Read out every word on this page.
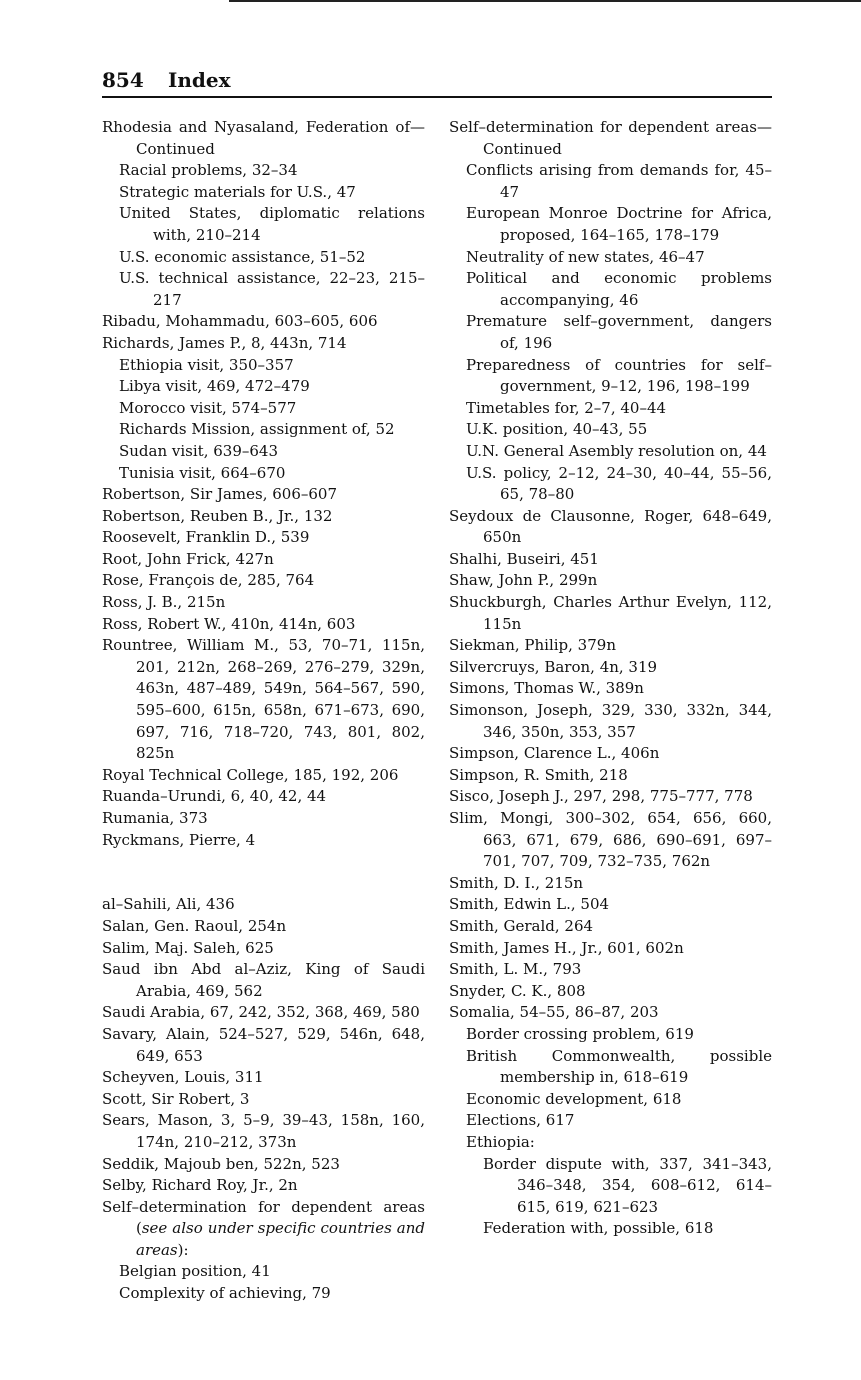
854 Index
Rhodesia and Nyasaland, Federation of—Continued
Racial problems, 32–34
Strategic materials for U.S., 47
United States, diplomatic relations with, 210–214
U.S. economic assistance, 51–52
U.S. technical assistance, 22–23, 215–217
Ribadu, Mohammadu, 603–605, 606
Richards, James P., 8, 443n, 714
Ethiopia visit, 350–357
Libya visit, 469, 472–479
Morocco visit, 574–577
Richards Mission, assignment of, 52
Sudan visit, 639–643
Tunisia visit, 664–670
Robertson, Sir James, 606–607
Robertson, Reuben B., Jr., 132
Roosevelt, Franklin D., 539
Root, John Frick, 427n
Rose, François de, 285, 764
Ross, J. B., 215n
Ross, Robert W., 410n, 414n, 603
Rountree, William M., 53, 70–71, 115n, 201, 212n, 268–269, 276–279, 329n, 463n, 487–489, 549n, 564–567, 590, 595–600, 615n, 658n, 671–673, 690, 697, 716, 718–720, 743, 801, 802, 825n
Royal Technical College, 185, 192, 206
Ruanda–Urundi, 6, 40, 42, 44
Rumania, 373
Ryckmans, Pierre, 4
al–Sahili, Ali, 436
Salan, Gen. Raoul, 254n
Salim, Maj. Saleh, 625
Saud ibn Abd al–Aziz, King of Saudi Arabia, 469, 562
Saudi Arabia, 67, 242, 352, 368, 469, 580
Savary, Alain, 524–527, 529, 546n, 648, 649, 653
Scheyven, Louis, 311
Scott, Sir Robert, 3
Sears, Mason, 3, 5–9, 39–43, 158n, 160, 174n, 210–212, 373n
Seddik, Majoub ben, 522n, 523
Selby, Richard Roy, Jr., 2n
Self–determination for dependent areas (see also under specific countries and areas):
Belgian position, 41
Complexity of achieving, 79
Self–determination for dependent areas—Continued
Conflicts arising from demands for, 45–47
European Monroe Doctrine for Africa, proposed, 164–165, 178–179
Neutrality of new states, 46–47
Political and economic problems accompanying, 46
Premature self–government, dangers of, 196
Preparedness of countries for self–government, 9–12, 196, 198–199
Timetables for, 2–7, 40–44
U.K. position, 40–43, 55
U.N. General Asembly resolution on, 44
U.S. policy, 2–12, 24–30, 40–44, 55–56, 65, 78–80
Seydoux de Clausonne, Roger, 648–649, 650n
Shalhi, Buseiri, 451
Shaw, John P., 299n
Shuckburgh, Charles Arthur Evelyn, 112, 115n
Siekman, Philip, 379n
Silvercruys, Baron, 4n, 319
Simons, Thomas W., 389n
Simonson, Joseph, 329, 330, 332n, 344, 346, 350n, 353, 357
Simpson, Clarence L., 406n
Simpson, R. Smith, 218
Sisco, Joseph J., 297, 298, 775–777, 778
Slim, Mongi, 300–302, 654, 656, 660, 663, 671, 679, 686, 690–691, 697–701, 707, 709, 732–735, 762n
Smith, D. I., 215n
Smith, Edwin L., 504
Smith, Gerald, 264
Smith, James H., Jr., 601, 602n
Smith, L. M., 793
Snyder, C. K., 808
Somalia, 54–55, 86–87, 203
Border crossing problem, 619
British Commonwealth, possible membership in, 618–619
Economic development, 618
Elections, 617
Ethiopia:
Border dispute with, 337, 341–343, 346–348, 354, 608–612, 614–615, 619, 621–623
Federation with, possible, 618
